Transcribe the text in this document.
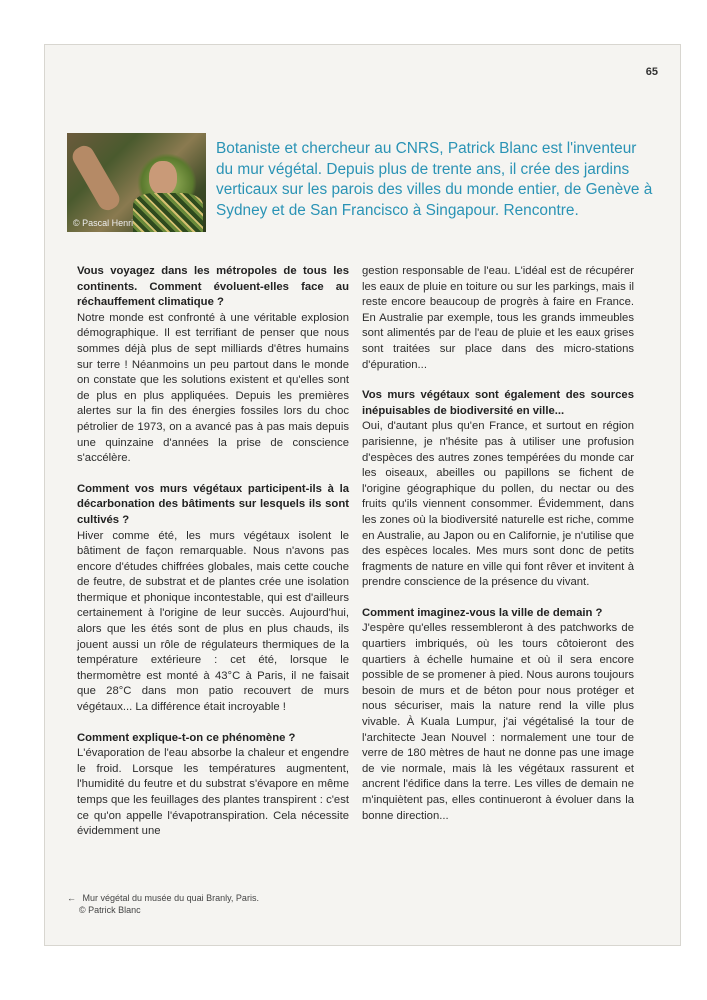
65
© Pascal Henri
Botaniste et chercheur au CNRS, Patrick Blanc est l'inventeur du mur végétal. Depuis plus de trente ans, il crée des jardins verticaux sur les parois des villes du monde entier, de Genève à Sydney et de San Francisco à Singapour. Rencontre.
Vous voyagez dans les métropoles de tous les continents. Comment évoluent-elles face au réchauffement climatique ?

Notre monde est confronté à une véritable explosion démographique. Il est terrifiant de penser que nous sommes déjà plus de sept milliards d'êtres humains sur terre ! Néanmoins un peu partout dans le monde on constate que les solutions existent et qu'elles sont de plus en plus appliquées. Depuis les premières alertes sur la fin des énergies fossiles lors du choc pétrolier de 1973, on a avancé pas à pas mais depuis une quinzaine d'années la prise de conscience s'accélère.

Comment vos murs végétaux participent-ils à la décarbonation des bâtiments sur lesquels ils sont cultivés ?

Hiver comme été, les murs végétaux isolent le bâtiment de façon remarquable. Nous n'avons pas encore d'études chiffrées globales, mais cette couche de feutre, de substrat et de plantes crée une isolation thermique et phonique incontestable, qui est d'ailleurs certainement à l'origine de leur succès. Aujourd'hui, alors que les étés sont de plus en plus chauds, ils jouent aussi un rôle de régulateurs thermiques de la température extérieure : cet été, lorsque le thermomètre est monté à 43°C à Paris, il ne faisait que 28°C dans mon patio recouvert de murs végétaux... La différence était incroyable !

Comment explique-t-on ce phénomène ?

L'évaporation de l'eau absorbe la chaleur et engendre le froid. Lorsque les températures augmentent, l'humidité du feutre et du substrat s'évapore en même temps que les feuillages des plantes transpirent : c'est ce qu'on appelle l'évapotranspiration. Cela nécessite évidemment une

gestion responsable de l'eau. L'idéal est de récupérer les eaux de pluie en toiture ou sur les parkings, mais il reste encore beaucoup de progrès à faire en France. En Australie par exemple, tous les grands immeubles sont alimentés par de l'eau de pluie et les eaux grises sont traitées sur place dans des micro-stations d'épuration...

Vos murs végétaux sont également des sources inépuisables de biodiversité en ville...

Oui, d'autant plus qu'en France, et surtout en région parisienne, je n'hésite pas à utiliser une profusion d'espèces des autres zones tempérées du monde car les oiseaux, abeilles ou papillons se fichent de l'origine géographique du pollen, du nectar ou des fruits qu'ils viennent consommer. Évidemment, dans les zones où la biodiversité naturelle est riche, comme en Australie, au Japon ou en Californie, je n'utilise que des espèces locales. Mes murs sont donc de petits fragments de nature en ville qui font rêver et invitent à prendre conscience de la présence du vivant.

Comment imaginez-vous la ville de demain ?

J'espère qu'elles ressembleront à des patchworks de quartiers imbriqués, où les tours côtoieront des quartiers à échelle humaine et où il sera encore possible de se promener à pied. Nous aurons toujours besoin de murs et de béton pour nous protéger et nous sécuriser, mais la nature rend la ville plus vivable. À Kuala Lumpur, j'ai végétalisé la tour de l'architecte Jean Nouvel : normalement une tour de verre de 180 mètres de haut ne donne pas une image de vie normale, mais là les végétaux rassurent et ancrent l'édifice dans la terre. Les villes de demain ne m'inquiètent pas, elles continueront à évoluer dans la bonne direction...

← Mur végétal du musée du quai Branly, Paris.
© Patrick Blanc
